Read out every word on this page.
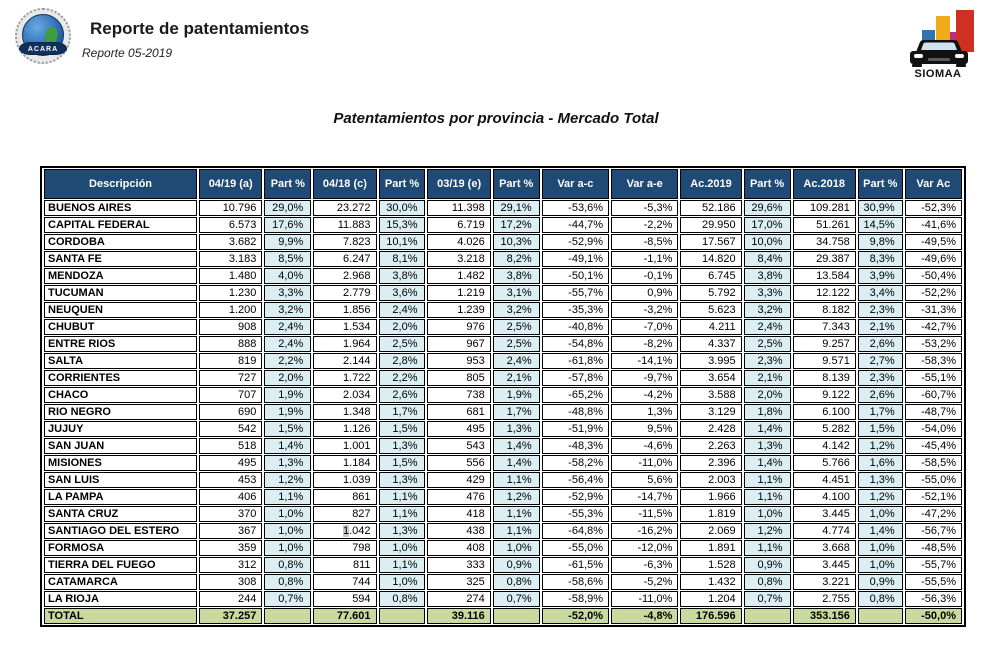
ACARA
Reporte de patentamientos
Reporte 05-2019
SIOMAA
Patentamientos por provincia - Mercado Total
Descripción	04/19 (a)	Part %	04/18 (c)	Part %	03/19 (e)	Part %	Var a-c	Var a-e	Ac.2019	Part %	Ac.2018	Part %	Var Ac
BUENOS AIRES	10.796	29,0%	23.272	30,0%	11.398	29,1%	-53,6%	-5,3%	52.186	29,6%	109.281	30,9%	-52,3%
CAPITAL FEDERAL	6.573	17,6%	11.883	15,3%	6.719	17,2%	-44,7%	-2,2%	29.950	17,0%	51.261	14,5%	-41,6%
CORDOBA	3.682	9,9%	7.823	10,1%	4.026	10,3%	-52,9%	-8,5%	17.567	10,0%	34.758	9,8%	-49,5%
SANTA FE	3.183	8,5%	6.247	8,1%	3.218	8,2%	-49,1%	-1,1%	14.820	8,4%	29.387	8,3%	-49,6%
MENDOZA	1.480	4,0%	2.968	3,8%	1.482	3,8%	-50,1%	-0,1%	6.745	3,8%	13.584	3,9%	-50,4%
TUCUMAN	1.230	3,3%	2.779	3,6%	1.219	3,1%	-55,7%	0,9%	5.792	3,3%	12.122	3,4%	-52,2%
NEUQUEN	1.200	3,2%	1.856	2,4%	1.239	3,2%	-35,3%	-3,2%	5.623	3,2%	8.182	2,3%	-31,3%
CHUBUT	908	2,4%	1.534	2,0%	976	2,5%	-40,8%	-7,0%	4.211	2,4%	7.343	2,1%	-42,7%
ENTRE RIOS	888	2,4%	1.964	2,5%	967	2,5%	-54,8%	-8,2%	4.337	2,5%	9.257	2,6%	-53,2%
SALTA	819	2,2%	2.144	2,8%	953	2,4%	-61,8%	-14,1%	3.995	2,3%	9.571	2,7%	-58,3%
CORRIENTES	727	2,0%	1.722	2,2%	805	2,1%	-57,8%	-9,7%	3.654	2,1%	8.139	2,3%	-55,1%
CHACO	707	1,9%	2.034	2,6%	738	1,9%	-65,2%	-4,2%	3.588	2,0%	9.122	2,6%	-60,7%
RIO NEGRO	690	1,9%	1.348	1,7%	681	1,7%	-48,8%	1,3%	3.129	1,8%	6.100	1,7%	-48,7%
JUJUY	542	1,5%	1.126	1,5%	495	1,3%	-51,9%	9,5%	2.428	1,4%	5.282	1,5%	-54,0%
SAN JUAN	518	1,4%	1.001	1,3%	543	1,4%	-48,3%	-4,6%	2.263	1,3%	4.142	1,2%	-45,4%
MISIONES	495	1,3%	1.184	1,5%	556	1,4%	-58,2%	-11,0%	2.396	1,4%	5.766	1,6%	-58,5%
SAN LUIS	453	1,2%	1.039	1,3%	429	1,1%	-56,4%	5,6%	2.003	1,1%	4.451	1,3%	-55,0%
LA PAMPA	406	1,1%	861	1,1%	476	1,2%	-52,9%	-14,7%	1.966	1,1%	4.100	1,2%	-52,1%
SANTA CRUZ	370	1,0%	827	1,1%	418	1,1%	-55,3%	-11,5%	1.819	1,0%	3.445	1,0%	-47,2%
SANTIAGO DEL ESTERO	367	1,0%	1.042	1,3%	438	1,1%	-64,8%	-16,2%	2.069	1,2%	4.774	1,4%	-56,7%
FORMOSA	359	1,0%	798	1,0%	408	1,0%	-55,0%	-12,0%	1.891	1,1%	3.668	1,0%	-48,5%
TIERRA DEL FUEGO	312	0,8%	811	1,1%	333	0,9%	-61,5%	-6,3%	1.528	0,9%	3.445	1,0%	-55,7%
CATAMARCA	308	0,8%	744	1,0%	325	0,8%	-58,6%	-5,2%	1.432	0,8%	3.221	0,9%	-55,5%
LA RIOJA	244	0,7%	594	0,8%	274	0,7%	-58,9%	-11,0%	1.204	0,7%	2.755	0,8%	-56,3%
TOTAL	37.257		77.601		39.116		-52,0%	-4,8%	176.596		353.156		-50,0%
